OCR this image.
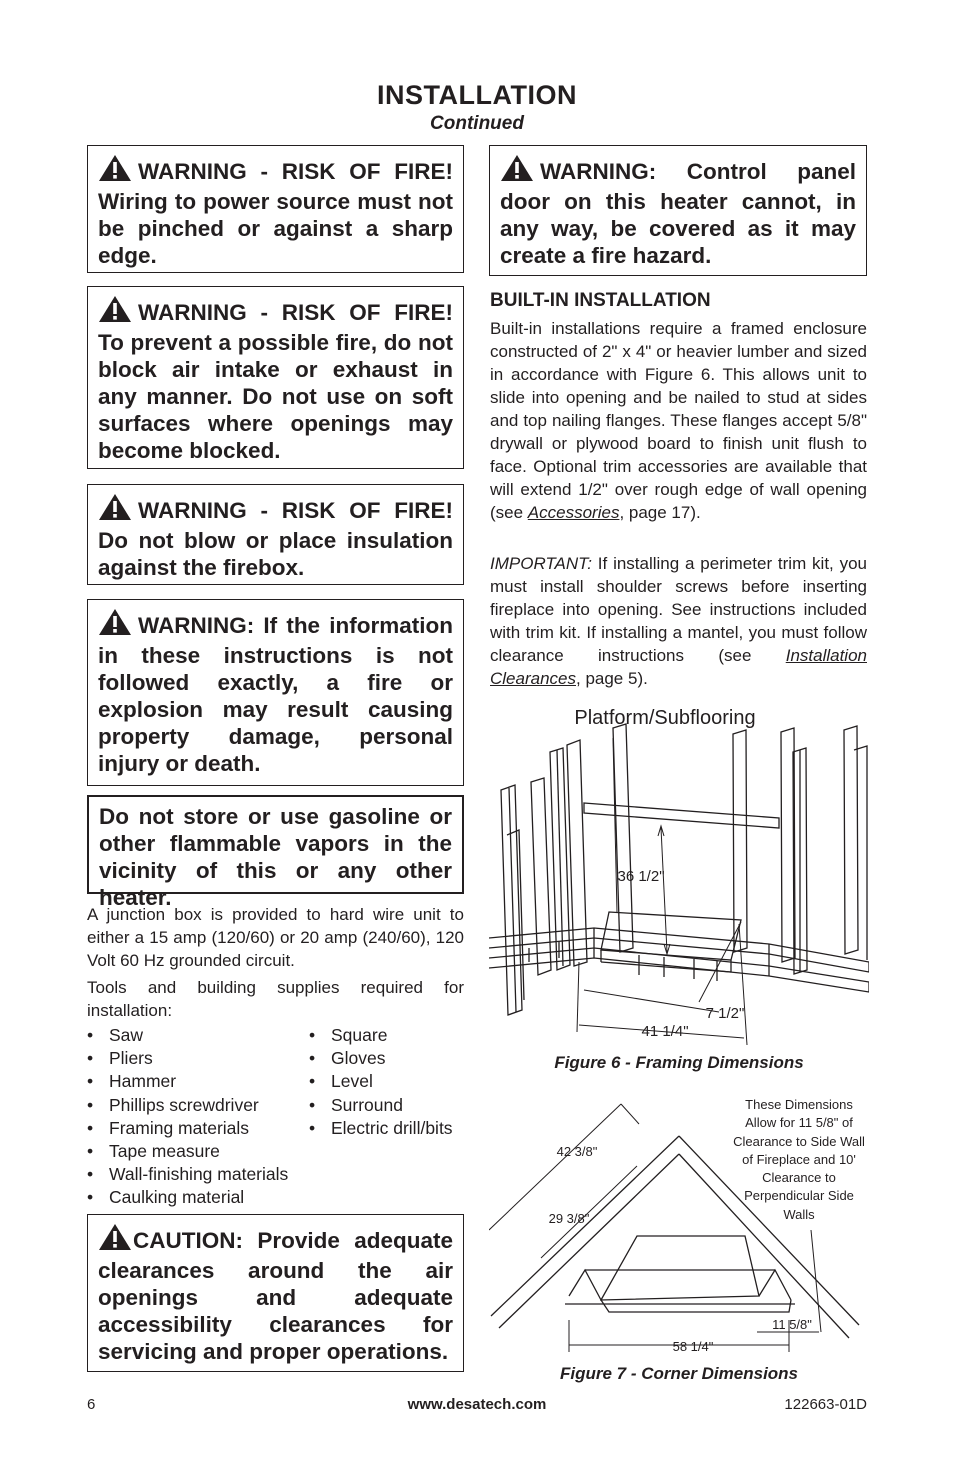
INSTALLATION
Continued
WARNING - RISK OF FIRE! Wiring to power source must not be pinched or against a sharp edge.
WARNING - RISK OF FIRE! To prevent a possible fire, do not block air intake or exhaust in any manner. Do not use on soft surfaces where openings may become blocked.
WARNING - RISK OF FIRE! Do not blow or place insulation against the firebox.
WARNING: If the information in these instructions is not followed exactly, a fire or explosion may result causing property damage, personal injury or death.
Do not store or use gasoline or other flammable vapors in the vicinity of this or any other heater.
A junction box is provided to hard wire unit to either a 15 amp (120/60) or 20 amp (240/60), 120 Volt 60 Hz grounded circuit.
Tools and building supplies required for installation:
• Saw
• Pliers
• Hammer
• Phillips screwdriver
• Framing materials
• Tape measure
• Wall-finishing materials
• Caulking material
• Square
• Gloves
• Level
• Surround
• Electric drill/bits
CAUTION: Provide adequate clearances around the air openings and adequate accessibility clearances for servicing and proper operations.
WARNING: Control panel door on this heater cannot, in any way, be covered as it may create a fire hazard.
BUILT-IN INSTALLATION
Built-in installations require a framed enclosure constructed of 2" x 4" or heavier lumber and sized in accordance with Figure 6. This allows unit to slide into opening and be nailed to stud at sides and top nailing flanges. These flanges accept 5/8" drywall or plywood board to finish unit flush to face. Optional trim accessories are available that will extend 1/2" over rough edge of wall opening (see Accessories, page 17).
IMPORTANT: If installing a perimeter trim kit, you must install shoulder screws before inserting fireplace into opening. See instructions included with trim kit. If installing a mantel, you must follow clearance instructions (see Installation Clearances, page 5).
Platform/Subflooring
36 1/2"
7 1/2"
41 1/4"
Figure 6 - Framing Dimensions
42 3/8"
29 3/8"
58 1/4"
11 5/8"
These Dimensions Allow for 11 5/8" of Clearance to Side Wall of Fireplace and 10' Clearance to Perpendicular Side Walls
Figure 7 - Corner Dimensions
6	www.desatech.com	122663-01D
